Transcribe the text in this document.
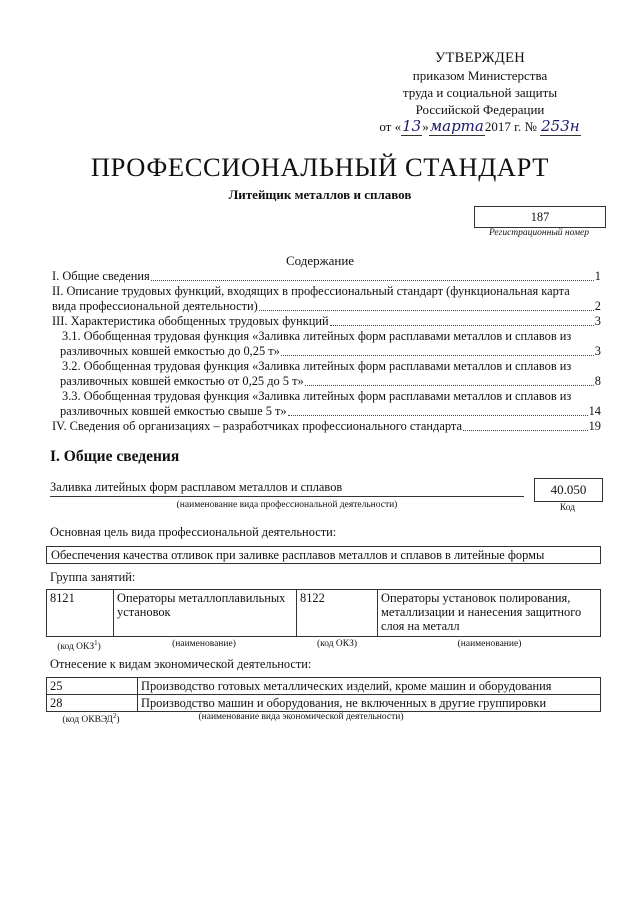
УТВЕРЖДЕН
приказом Министерства
труда и социальной защиты
Российской Федерации
от «13»марта2017 г. № 253н
ПРОФЕССИОНАЛЬНЫЙ СТАНДАРТ
Литейщик металлов и сплавов
187
Регистрационный номер
Содержание
I. Общие сведения	1
II. Описание трудовых функций, входящих в профессиональный стандарт (функциональная карта
вида профессиональной деятельности)	2
III. Характеристика обобщенных трудовых функций	3
3.1. Обобщенная трудовая функция «Заливка литейных форм расплавами металлов и сплавов из
разливочных ковшей емкостью до 0,25 т»	3
3.2. Обобщенная трудовая функция «Заливка литейных форм расплавами металлов и сплавов из
разливочных ковшей емкостью от 0,25 до 5 т»	8
3.3. Обобщенная трудовая функция «Заливка литейных форм расплавами металлов и сплавов из
разливочных ковшей емкостью свыше 5 т»	14
IV. Сведения об организациях – разработчиках профессионального стандарта	19
I. Общие сведения
Заливка литейных форм расплавом металлов и сплавов
(наименование вида профессиональной деятельности)
40.050
Код
Основная цель вида профессиональной деятельности:
Обеспечения качества отливок при заливке расплавов металлов и сплавов в литейные формы
Группа занятий:
8121	Операторы металлоплавильных установок	8122	Операторы установок полирования, металлизации и нанесения защитного слоя на металл
(код ОКЗ$^1$)	(наименование)	(код ОКЗ)	(наименование)
Отнесение к видам экономической деятельности:
25	Производство готовых металлических изделий, кроме машин и оборудования
28	Производство машин и оборудования, не включенных в другие группировки
(код ОКВЭД$^2$)	(наименование вида экономической деятельности)
